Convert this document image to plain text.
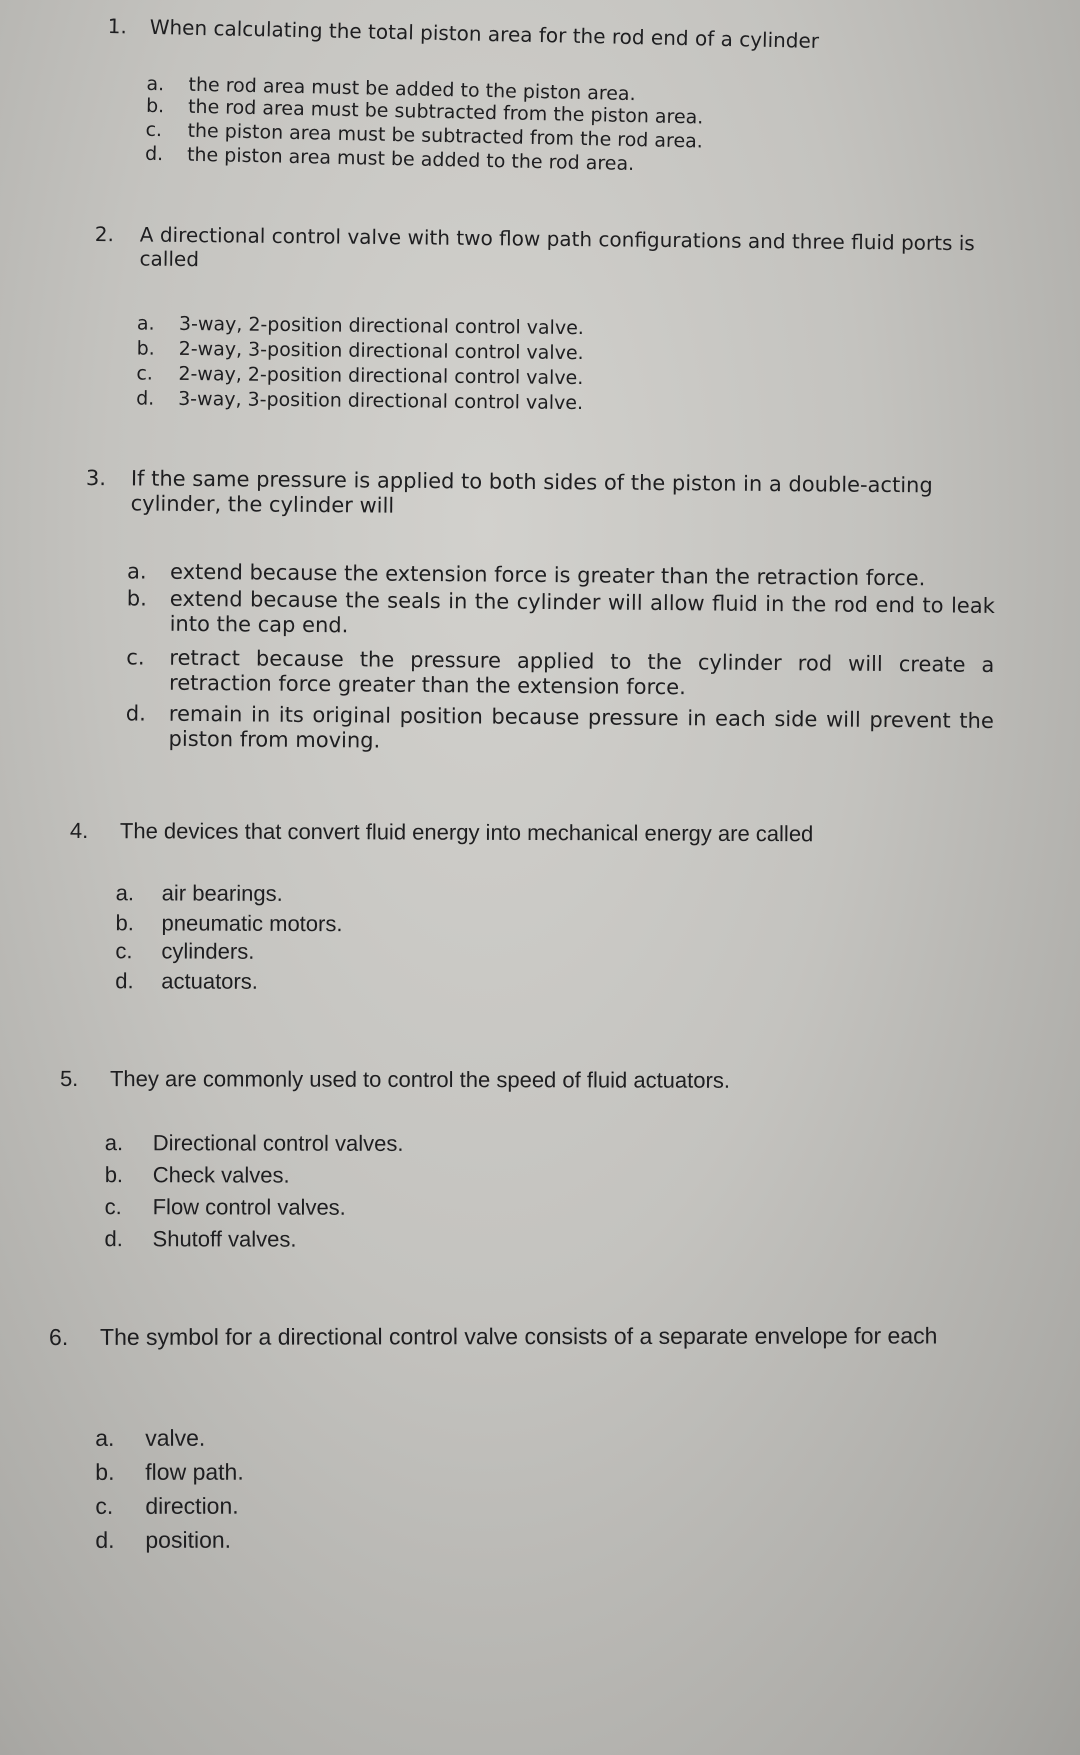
1. When calculating the total piston area for the rod end of a cylinder
a. the rod area must be added to the piston area.
b. the rod area must be subtracted from the piston area.
c. the piston area must be subtracted from the rod area.
d. the piston area must be added to the rod area.
2. A directional control valve with two flow path configurations and three fluid ports is called
a. 3-way, 2-position directional control valve.
b. 2-way, 3-position directional control valve.
c. 2-way, 2-position directional control valve.
d. 3-way, 3-position directional control valve.
3. If the same pressure is applied to both sides of the piston in a double-acting cylinder, the cylinder will
a. extend because the extension force is greater than the retraction force.
b. extend because the seals in the cylinder will allow fluid in the rod end to leak into the cap end.
c. retract because the pressure applied to the cylinder rod will create a retraction force greater than the extension force.
d. remain in its original position because pressure in each side will prevent the piston from moving.
4. The devices that convert fluid energy into mechanical energy are called
a. air bearings.
b. pneumatic motors.
c. cylinders.
d. actuators.
5. They are commonly used to control the speed of fluid actuators.
a. Directional control valves.
b. Check valves.
c. Flow control valves.
d. Shutoff valves.
6. The symbol for a directional control valve consists of a separate envelope for each
a. valve.
b. flow path.
c. direction.
d. position.
